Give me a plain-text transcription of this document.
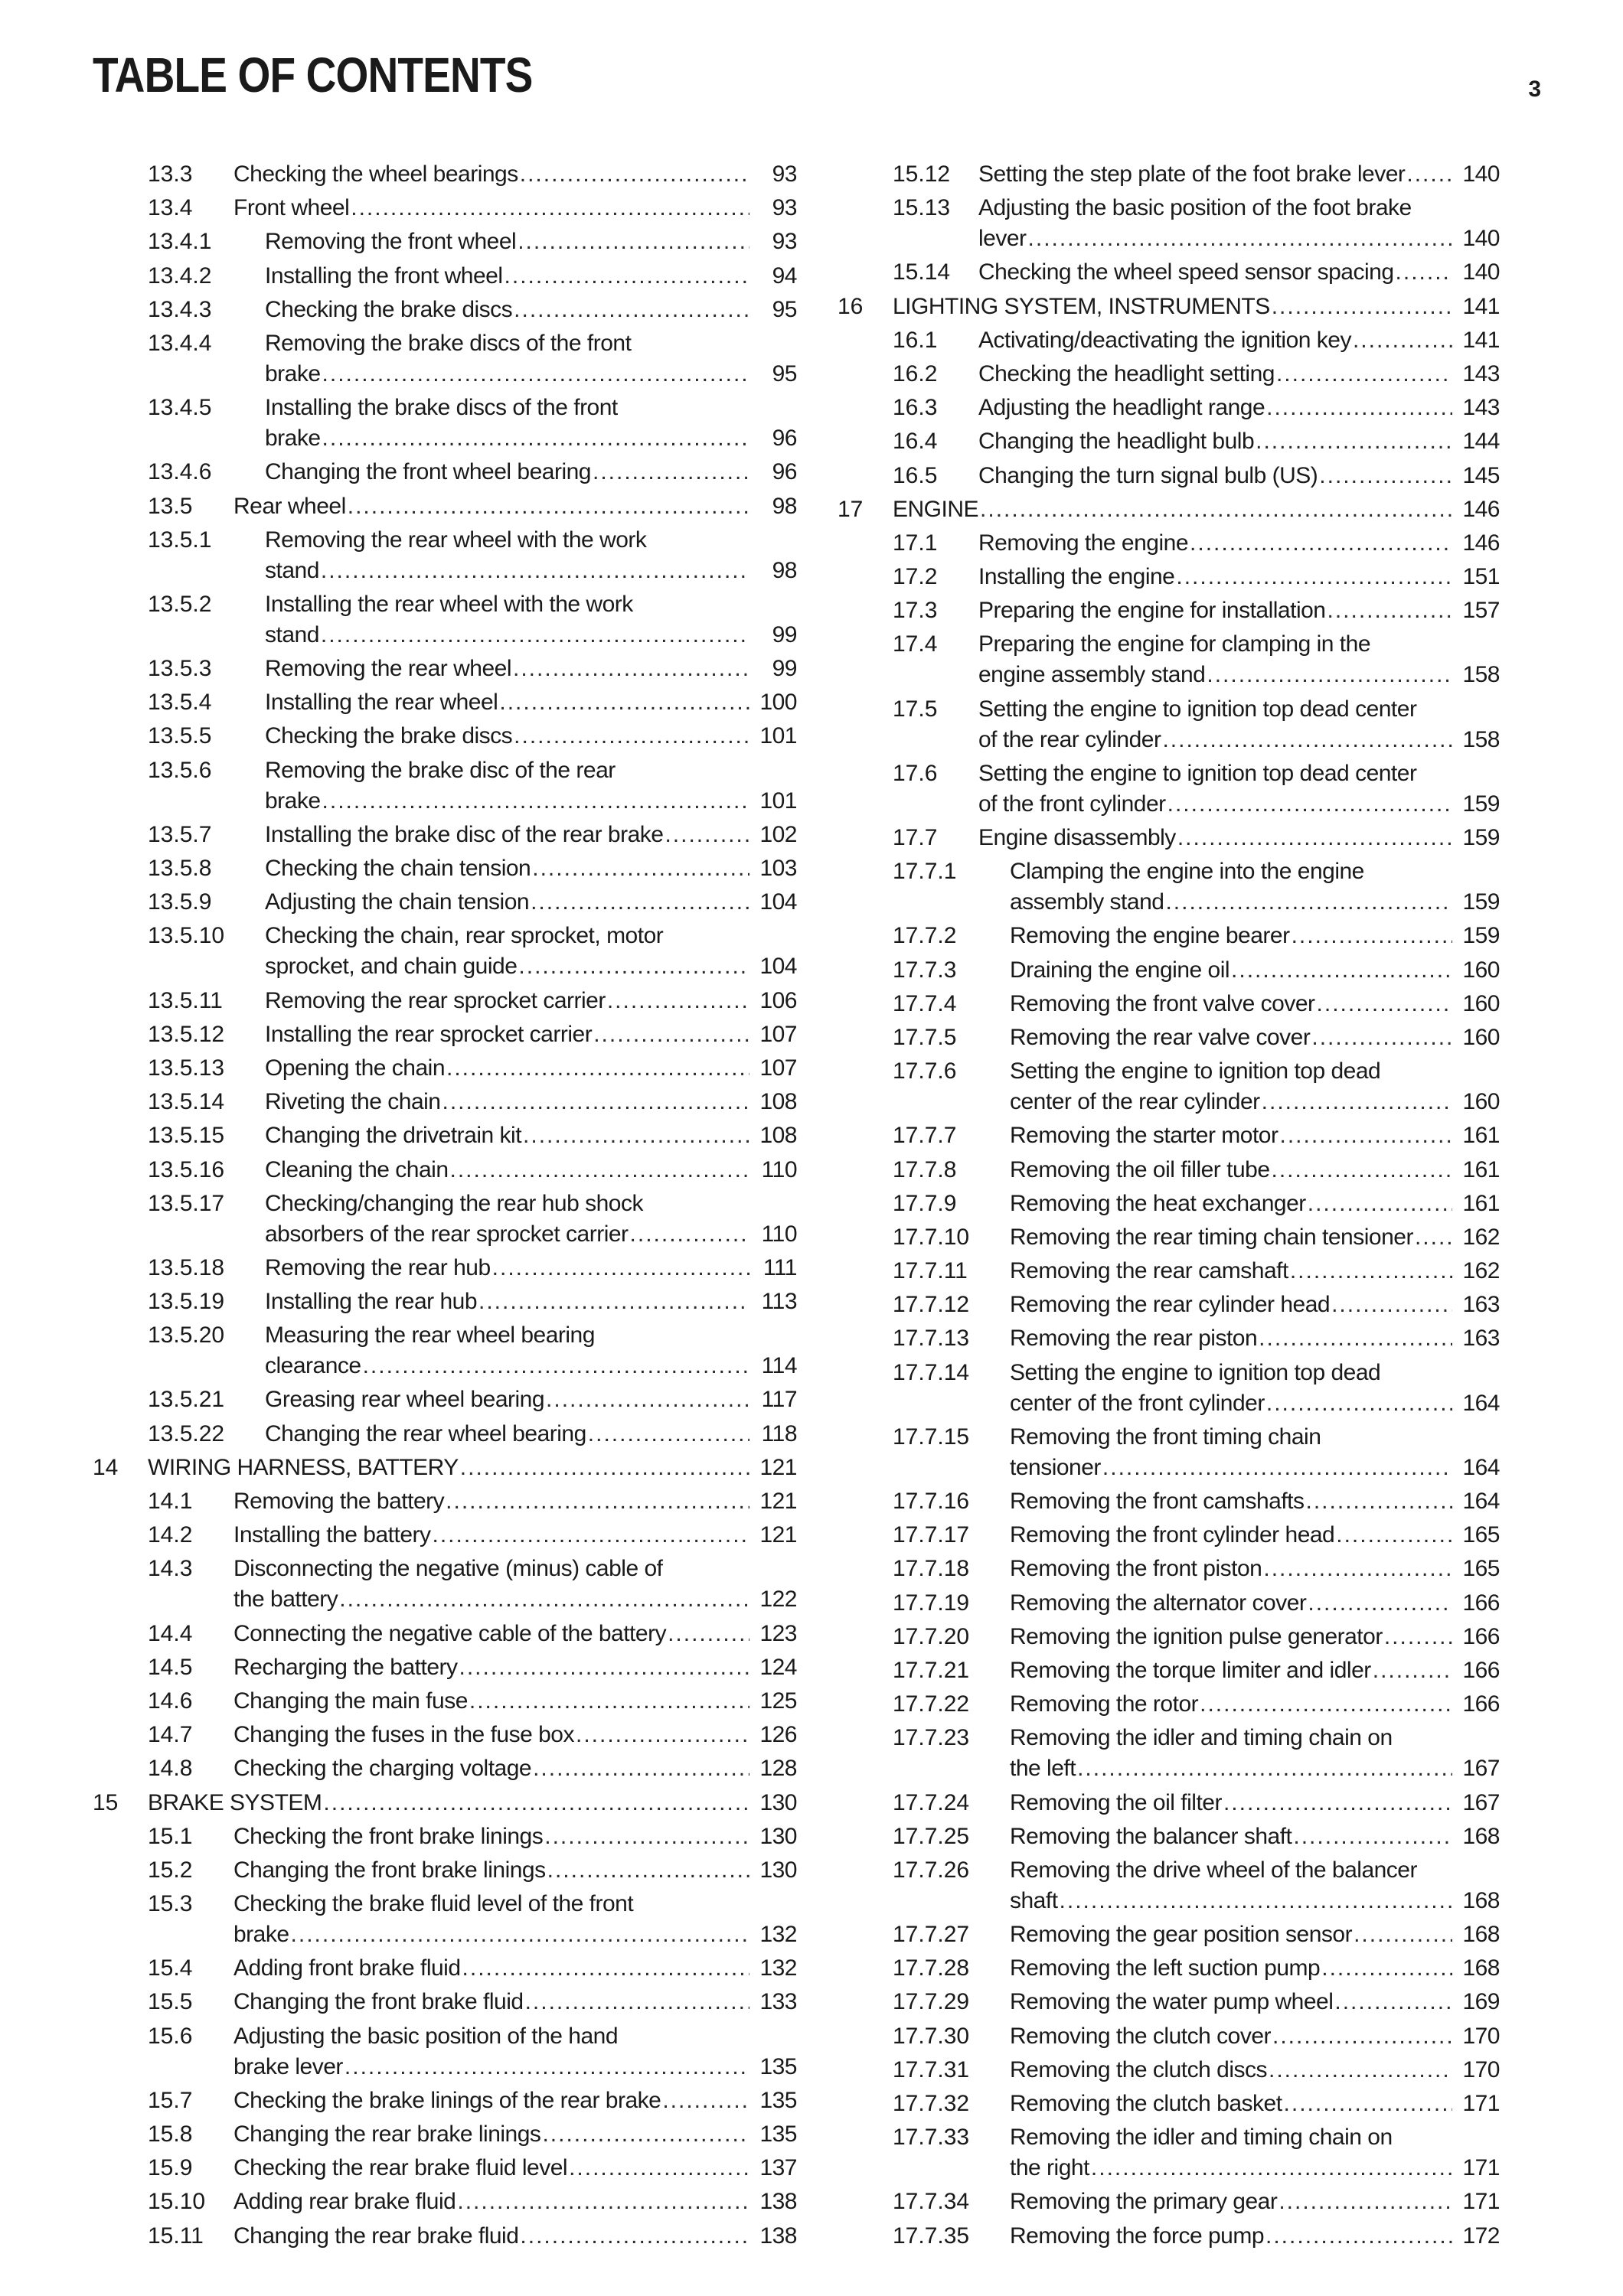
TABLE OF CONTENTS	3
13.3 Checking the wheel bearings .....	93
13.4 Front wheel .....	93
13.4.1 Removing the front wheel .....	93
13.4.2 Installing the front wheel .....	94
13.4.3 Checking the brake discs .....	95
13.4.4 Removing the brake discs of the front
brake .....	95
13.4.5 Installing the brake discs of the front
brake .....	96
13.4.6 Changing the front wheel bearing .....	96
13.5 Rear wheel .....	98
13.5.1 Removing the rear wheel with the work
stand .....	98
13.5.2 Installing the rear wheel with the work
stand .....	99
13.5.3 Removing the rear wheel .....	99
13.5.4 Installing the rear wheel .....	100
13.5.5 Checking the brake discs .....	101
13.5.6 Removing the brake disc of the rear
brake .....	101
13.5.7 Installing the brake disc of the rear brake .....	102
13.5.8 Checking the chain tension .....	103
13.5.9 Adjusting the chain tension .....	104
13.5.10 Checking the chain, rear sprocket, motor
sprocket, and chain guide .....	104
13.5.11 Removing the rear sprocket carrier .....	106
13.5.12 Installing the rear sprocket carrier .....	107
13.5.13 Opening the chain .....	107
13.5.14 Riveting the chain .....	108
13.5.15 Changing the drivetrain kit .....	108
13.5.16 Cleaning the chain .....	110
13.5.17 Checking/changing the rear hub shock
absorbers of the rear sprocket carrier .....	110
13.5.18 Removing the rear hub .....	111
13.5.19 Installing the rear hub .....	113
13.5.20 Measuring the rear wheel bearing
clearance .....	114
13.5.21 Greasing rear wheel bearing .....	117
13.5.22 Changing the rear wheel bearing .....	118
14 WIRING HARNESS, BATTERY .....	121
14.1 Removing the battery .....	121
14.2 Installing the battery .....	121
14.3 Disconnecting the negative (minus) cable of
the battery .....	122
14.4 Connecting the negative cable of the battery .....	123
14.5 Recharging the battery .....	124
14.6 Changing the main fuse .....	125
14.7 Changing the fuses in the fuse box .....	126
14.8 Checking the charging voltage .....	128
15 BRAKE SYSTEM .....	130
15.1 Checking the front brake linings .....	130
15.2 Changing the front brake linings .....	130
15.3 Checking the brake fluid level of the front
brake .....	132
15.4 Adding front brake fluid .....	132
15.5 Changing the front brake fluid .....	133
15.6 Adjusting the basic position of the hand
brake lever .....	135
15.7 Checking the brake linings of the rear brake .....	135
15.8 Changing the rear brake linings .....	135
15.9 Checking the rear brake fluid level .....	137
15.10 Adding rear brake fluid .....	138
15.11 Changing the rear brake fluid .....	138
15.12 Setting the step plate of the foot brake lever .....	140
15.13 Adjusting the basic position of the foot brake
lever .....	140
15.14 Checking the wheel speed sensor spacing .....	140
16 LIGHTING SYSTEM, INSTRUMENTS .....	141
16.1 Activating/deactivating the ignition key .....	141
16.2 Checking the headlight setting .....	143
16.3 Adjusting the headlight range .....	143
16.4 Changing the headlight bulb .....	144
16.5 Changing the turn signal bulb (US) .....	145
17 ENGINE .....	146
17.1 Removing the engine .....	146
17.2 Installing the engine .....	151
17.3 Preparing the engine for installation .....	157
17.4 Preparing the engine for clamping in the
engine assembly stand .....	158
17.5 Setting the engine to ignition top dead center
of the rear cylinder .....	158
17.6 Setting the engine to ignition top dead center
of the front cylinder .....	159
17.7 Engine disassembly .....	159
17.7.1 Clamping the engine into the engine
assembly stand .....	159
17.7.2 Removing the engine bearer .....	159
17.7.3 Draining the engine oil .....	160
17.7.4 Removing the front valve cover .....	160
17.7.5 Removing the rear valve cover .....	160
17.7.6 Setting the engine to ignition top dead
center of the rear cylinder .....	160
17.7.7 Removing the starter motor .....	161
17.7.8 Removing the oil filler tube .....	161
17.7.9 Removing the heat exchanger .....	161
17.7.10 Removing the rear timing chain tensioner .....	162
17.7.11 Removing the rear camshaft .....	162
17.7.12 Removing the rear cylinder head .....	163
17.7.13 Removing the rear piston .....	163
17.7.14 Setting the engine to ignition top dead
center of the front cylinder .....	164
17.7.15 Removing the front timing chain
tensioner .....	164
17.7.16 Removing the front camshafts .....	164
17.7.17 Removing the front cylinder head .....	165
17.7.18 Removing the front piston .....	165
17.7.19 Removing the alternator cover .....	166
17.7.20 Removing the ignition pulse generator .....	166
17.7.21 Removing the torque limiter and idler .....	166
17.7.22 Removing the rotor .....	166
17.7.23 Removing the idler and timing chain on
the left .....	167
17.7.24 Removing the oil filter .....	167
17.7.25 Removing the balancer shaft .....	168
17.7.26 Removing the drive wheel of the balancer
shaft .....	168
17.7.27 Removing the gear position sensor .....	168
17.7.28 Removing the left suction pump .....	168
17.7.29 Removing the water pump wheel .....	169
17.7.30 Removing the clutch cover .....	170
17.7.31 Removing the clutch discs .....	170
17.7.32 Removing the clutch basket .....	171
17.7.33 Removing the idler and timing chain on
the right .....	171
17.7.34 Removing the primary gear .....	171
17.7.35 Removing the force pump .....	172
